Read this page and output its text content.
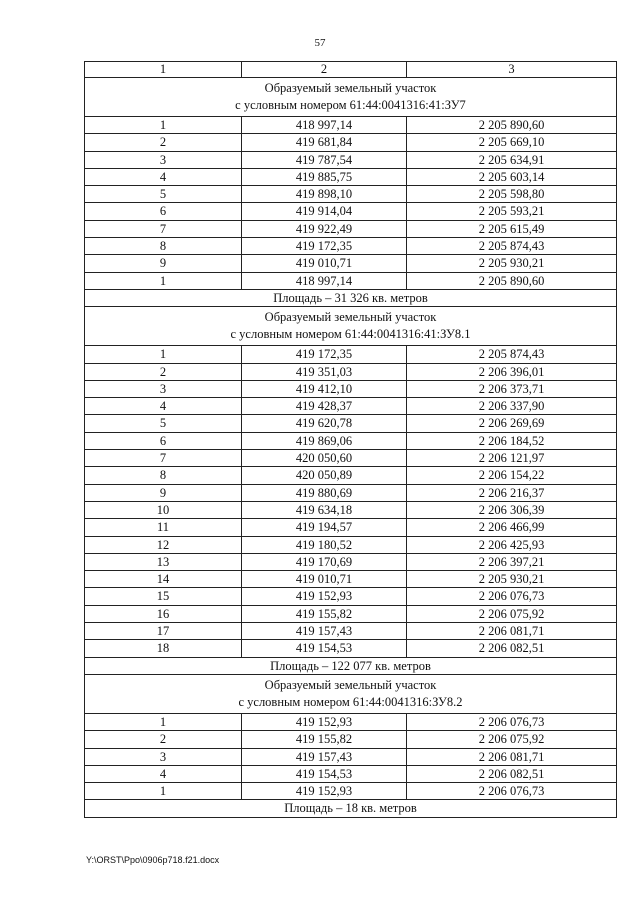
57
1	2	3

Образуемый земельный участок
с условным номером 61:44:0041316:41:ЗУ7		

1	418 997,14	2 205 890,60
2	419 681,84	2 205 669,10
3	419 787,54	2 205 634,91
4	419 885,75	2 205 603,14
5	419 898,10	2 205 598,80
6	419 914,04	2 205 593,21
7	419 922,49	2 205 615,49
8	419 172,35	2 205 874,43
9	419 010,71	2 205 930,21
1	418 997,14	2 205 890,60
Площадь – 31 326 кв. метров		

Образуемый земельный участок
с условным номером 61:44:0041316:41:ЗУ8.1		

1	419 172,35	2 205 874,43
2	419 351,03	2 206 396,01
3	419 412,10	2 206 373,71
4	419 428,37	2 206 337,90
5	419 620,78	2 206 269,69
6	419 869,06	2 206 184,52
7	420 050,60	2 206 121,97
8	420 050,89	2 206 154,22
9	419 880,69	2 206 216,37
10	419 634,18	2 206 306,39
11	419 194,57	2 206 466,99
12	419 180,52	2 206 425,93
13	419 170,69	2 206 397,21
14	419 010,71	2 205 930,21
15	419 152,93	2 206 076,73
16	419 155,82	2 206 075,92
17	419 157,43	2 206 081,71
18	419 154,53	2 206 082,51
Площадь – 122 077 кв. метров		

Образуемый земельный участок
с условным номером 61:44:0041316:ЗУ8.2		

1	419 152,93	2 206 076,73
2	419 155,82	2 206 075,92
3	419 157,43	2 206 081,71
4	419 154,53	2 206 082,51
1	419 152,93	2 206 076,73
Площадь – 18 кв. метров		
Y:\ORST\Ppo\0906p718.f21.docx
